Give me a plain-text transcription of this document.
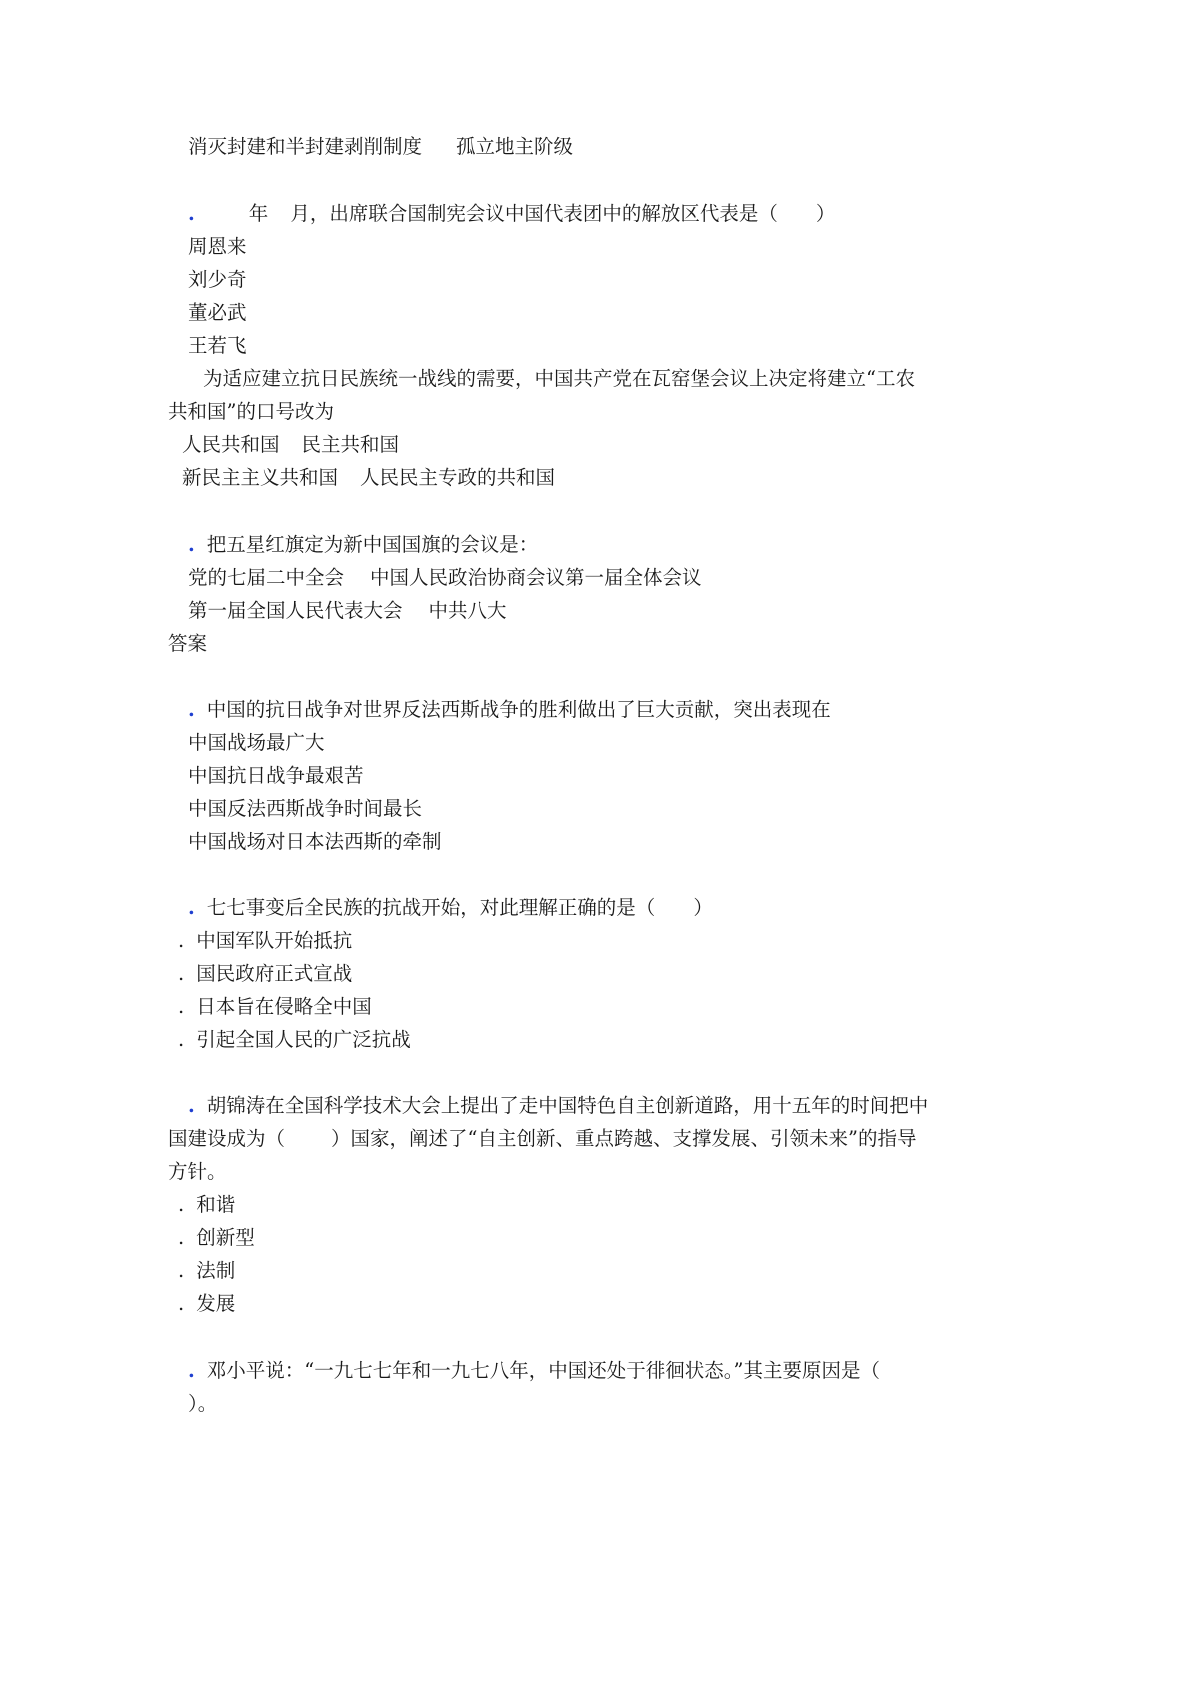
消灭封建和半封建剥削制度 孤立地主阶级
.	年 月，出席联合国制宪会议中国代表团中的解放区代表是（ ）
周恩来
刘少奇
董必武
王若飞
为适应建立抗日民族统一战线的需要，中国共产党在瓦窑堡会议上决定将建立“工农
共和国”的口号改为
人民共和国 民主共和国
新民主主义共和国 人民民主专政的共和国
. 把五星红旗定为新中国国旗的会议是：
党的七届二中全会 中国人民政治协商会议第一届全体会议
第一届全国人民代表大会 中共八大
答案
. 中国的抗日战争对世界反法西斯战争的胜利做出了巨大贡献，突出表现在
中国战场最广大
中国抗日战争最艰苦
中国反法西斯战争时间最长
中国战场对日本法西斯的牵制
. 七七事变后全民族的抗战开始，对此理解正确的是（ ）
. 中国军队开始抵抗
. 国民政府正式宣战
. 日本旨在侵略全中国
. 引起全国人民的广泛抗战
. 胡锦涛在全国科学技术大会上提出了走中国特色自主创新道路，用十五年的时间把中
国建设成为（ ）国家，阐述了“自主创新、重点跨越、支撑发展、引领未来”的指导
方针。
. 和谐
. 创新型
. 法制
. 发展
. 邓小平说：“一九七七年和一九七八年，中国还处于徘徊状态。”其主要原因是（
）。
